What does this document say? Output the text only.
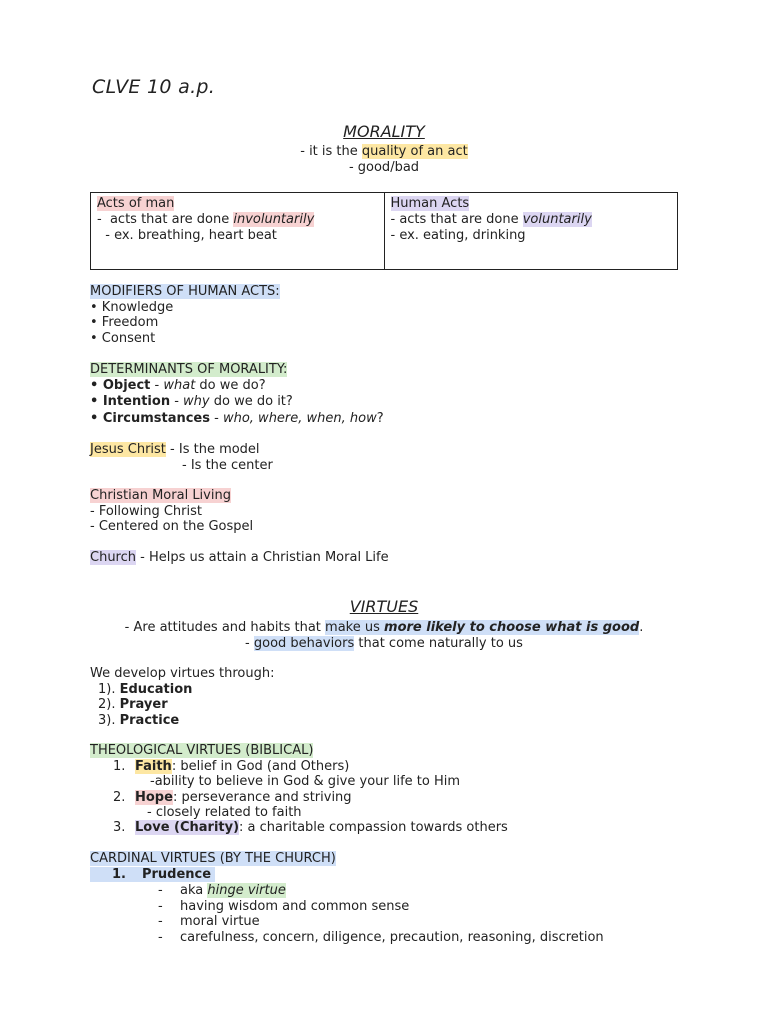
CLVE 10 a.p.
MORALITY
- it is the quality of an act
- good/bad
Acts of man
-  acts that are done involuntarily
- ex. breathing, heart beat
Human Acts
- acts that are done voluntarily
- ex. eating, drinking
MODIFIERS OF HUMAN ACTS:
• Knowledge
• Freedom
• Consent
DETERMINANTS OF MORALITY:
• Object - what do we do?
• Intention - why do we do it?
• Circumstances - who, where, when, how?
Jesus Christ - Is the model
- Is the center
Christian Moral Living
- Following Christ
- Centered on the Gospel
Church - Helps us attain a Christian Moral Life
VIRTUES
- Are attitudes and habits that make us more likely to choose what is good.
- good behaviors that come naturally to us
We develop virtues through:
1). Education
2). Prayer
3). Practice
THEOLOGICAL VIRTUES (BIBLICAL)
1. Faith: belief in God (and Others)
-ability to believe in God & give your life to Him
2. Hope: perseverance and striving
- closely related to faith
3. Love (Charity): a charitable compassion towards others
CARDINAL VIRTUES (BY THE CHURCH)
1. Prudence
- aka hinge virtue
- having wisdom and common sense
- moral virtue
- carefulness, concern, diligence, precaution, reasoning, discretion
